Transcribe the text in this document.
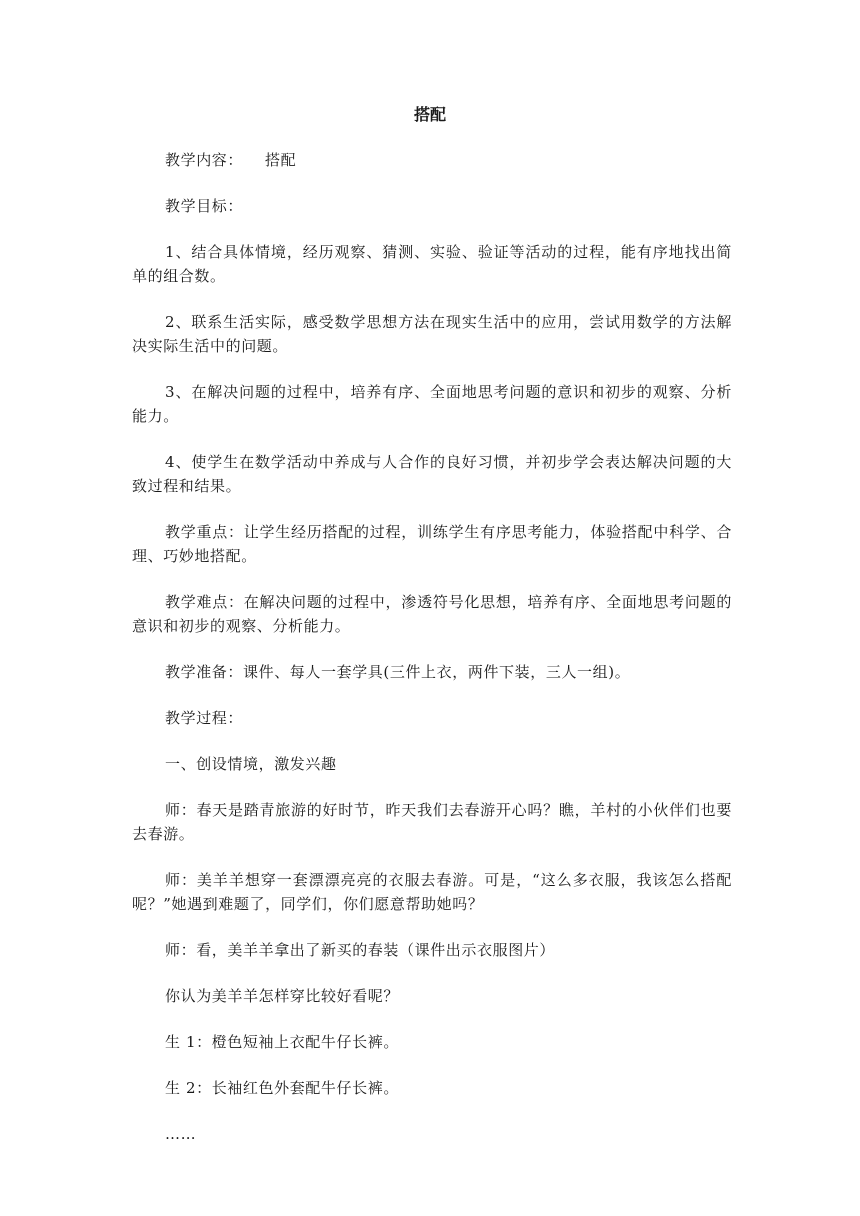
搭配

教学内容： 搭配

教学目标：

1、结合具体情境，经历观察、猜测、实验、验证等活动的过程，能有序地找出简单的组合数。

2、联系生活实际，感受数学思想方法在现实生活中的应用，尝试用数学的方法解决实际生活中的问题。

3、在解决问题的过程中，培养有序、全面地思考问题的意识和初步的观察、分析能力。

4、使学生在数学活动中养成与人合作的良好习惯，并初步学会表达解决问题的大致过程和结果。

教学重点：让学生经历搭配的过程，训练学生有序思考能力，体验搭配中科学、合理、巧妙地搭配。

教学难点：在解决问题的过程中，渗透符号化思想，培养有序、全面地思考问题的意识和初步的观察、分析能力。

教学准备：课件、每人一套学具(三件上衣，两件下装，三人一组)。

教学过程：

一、创设情境，激发兴趣

师：春天是踏青旅游的好时节，昨天我们去春游开心吗？瞧，羊村的小伙伴们也要去春游。

师：美羊羊想穿一套漂漂亮亮的衣服去春游。可是，“这么多衣服，我该怎么搭配呢？”她遇到难题了，同学们，你们愿意帮助她吗？

师：看，美羊羊拿出了新买的春装（课件出示衣服图片）

你认为美羊羊怎样穿比较好看呢？

生 1：橙色短袖上衣配牛仔长裤。

生 2：长袖红色外套配牛仔长裤。

……
